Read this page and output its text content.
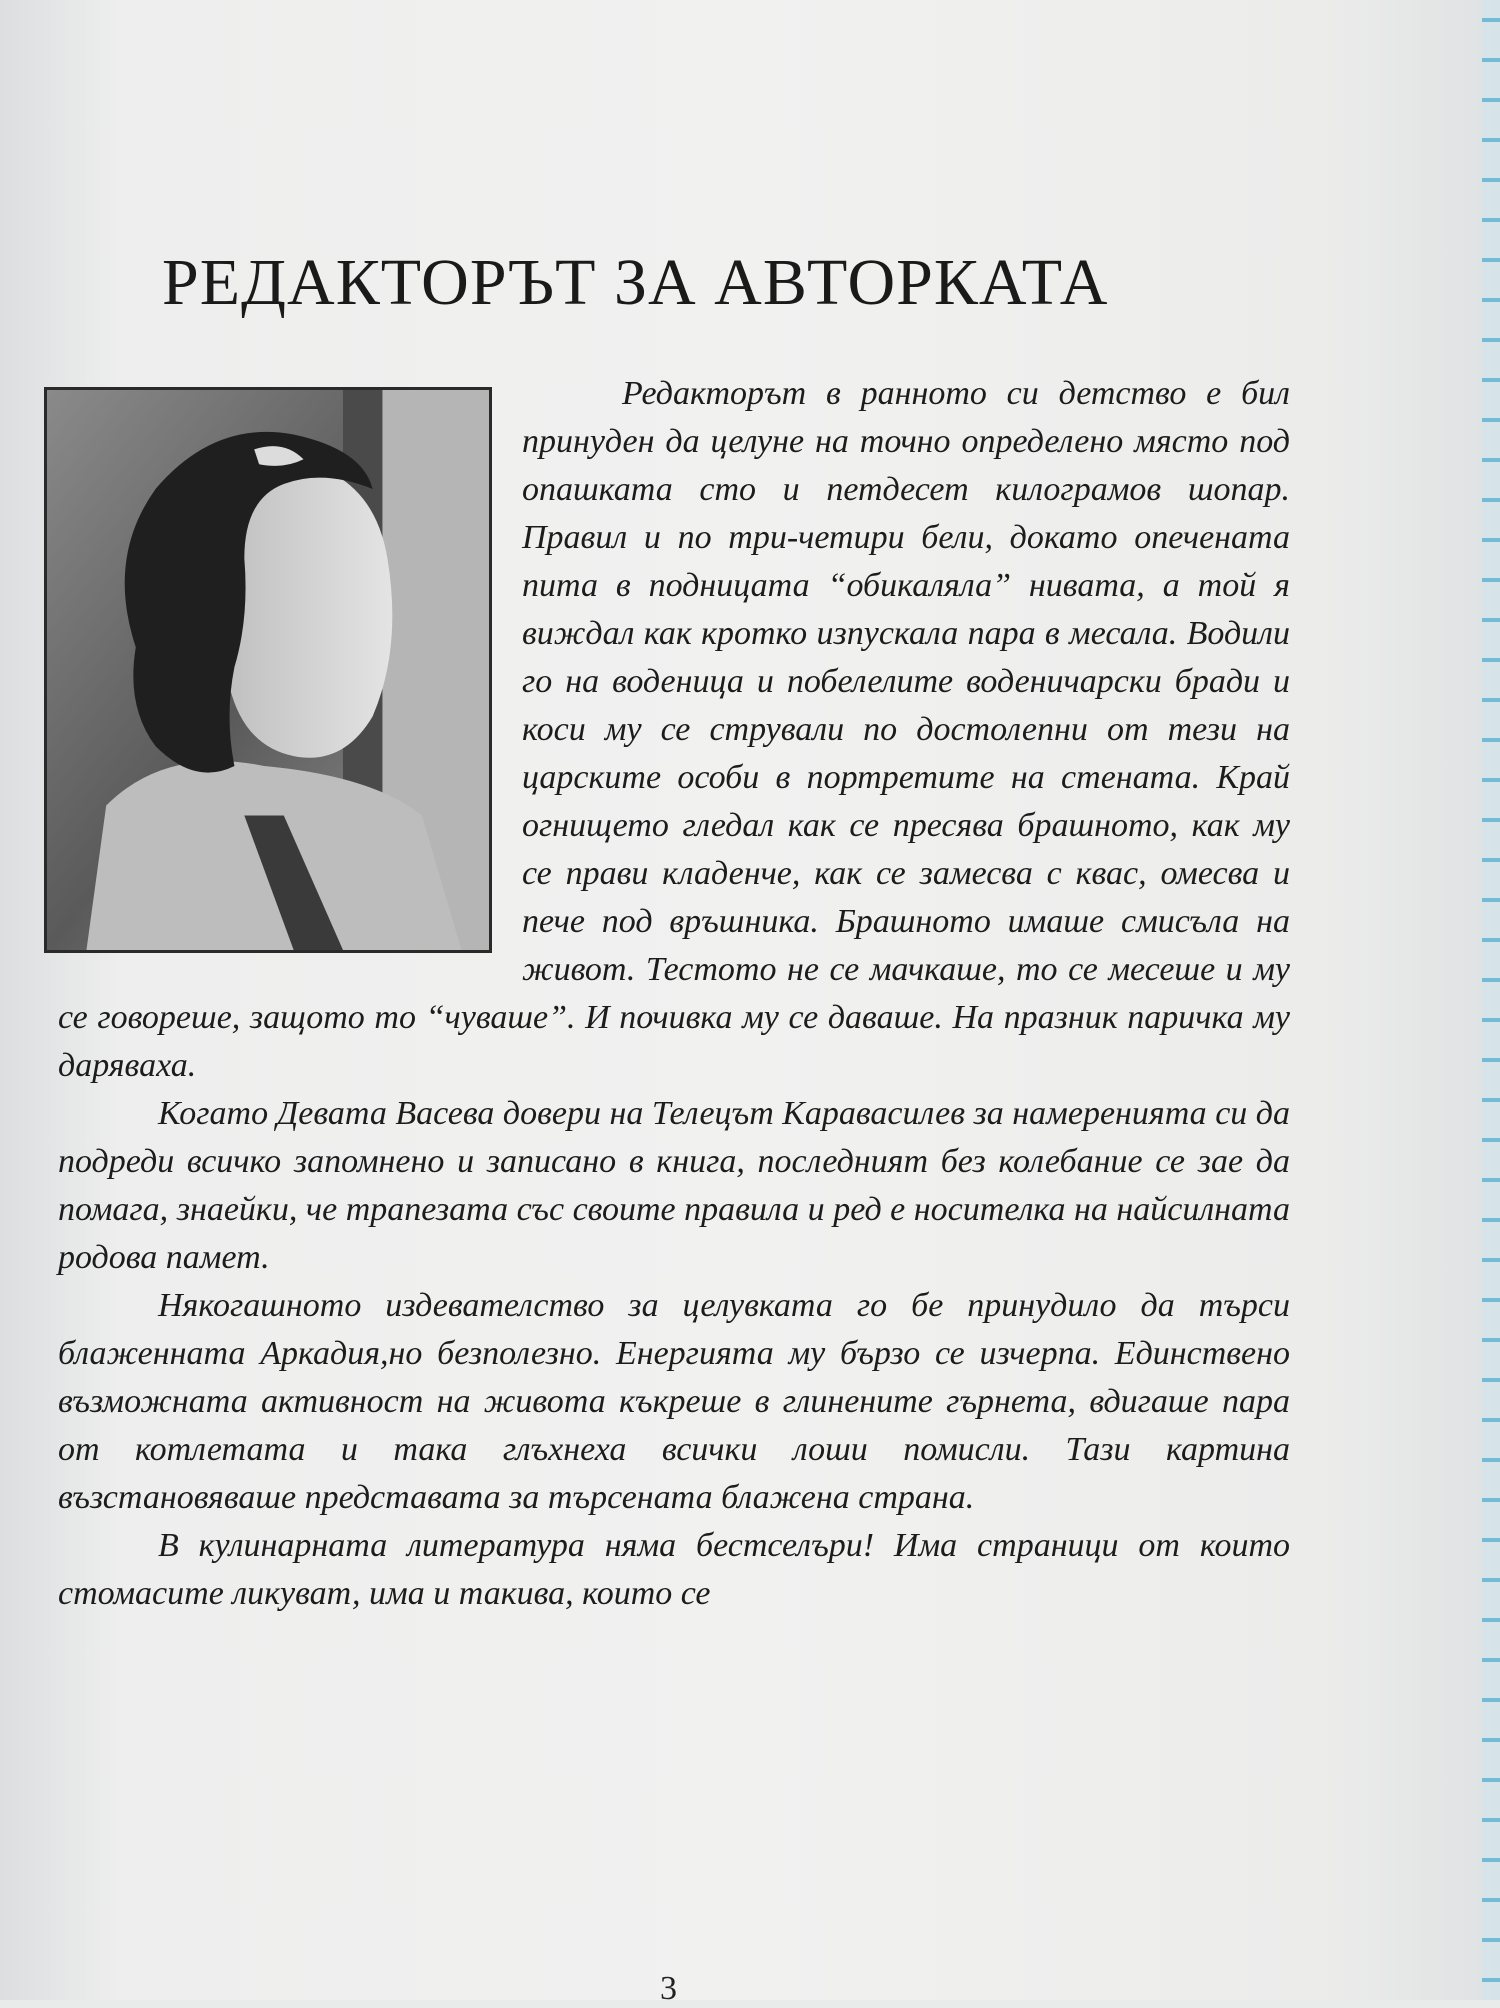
РЕДАКТОРЪТ ЗА АВТОРКАТА

Редакторът в ранното си детство е бил принуден да целуне на точно определено място под опашката сто и петдесет килограмов шопар. Правил и по три-четири бели, докато опечената пита в подницата “обикаляла” нивата, а той я виждал как кротко изпускала пара в месала. Водили го на воденица и побелелите воденичарски бради и коси му се стрували по достолепни от тези на царските особи в портретите на стената. Край огнището гледал как се пресява брашното, как му се прави кладенче, как се замесва с квас, омесва и пече под връшника. Брашното имаше смисъла на живот. Тестото не се мачкаше, то се месеше и му се говореше, защото то “чуваше”. И почивка му се даваше. На празник паричка му даряваха.

Когато Девата Васева довери на Телецът Каравасилев за намеренията си да подреди всичко запомнено и записано в книга, последният без колебание се зае да помага, знаейки, че трапезата със своите правила и ред е носителка на найсилната родова памет.

Някогашното издевателство за целувката го бе принудило да търси блаженната Аркадия,но безполезно. Енергията му бързо се изчерпа. Единствено възможната активност на живота къкреше в глинените гърнета, вдигаше пара от котлетата и така глъхнеха всички лоши помисли. Тази картина възстановяваше представата за търсената блажена страна.

В кулинарната литература няма бестселъри! Има страници от които стомасите ликуват, има и такива, които се

3
